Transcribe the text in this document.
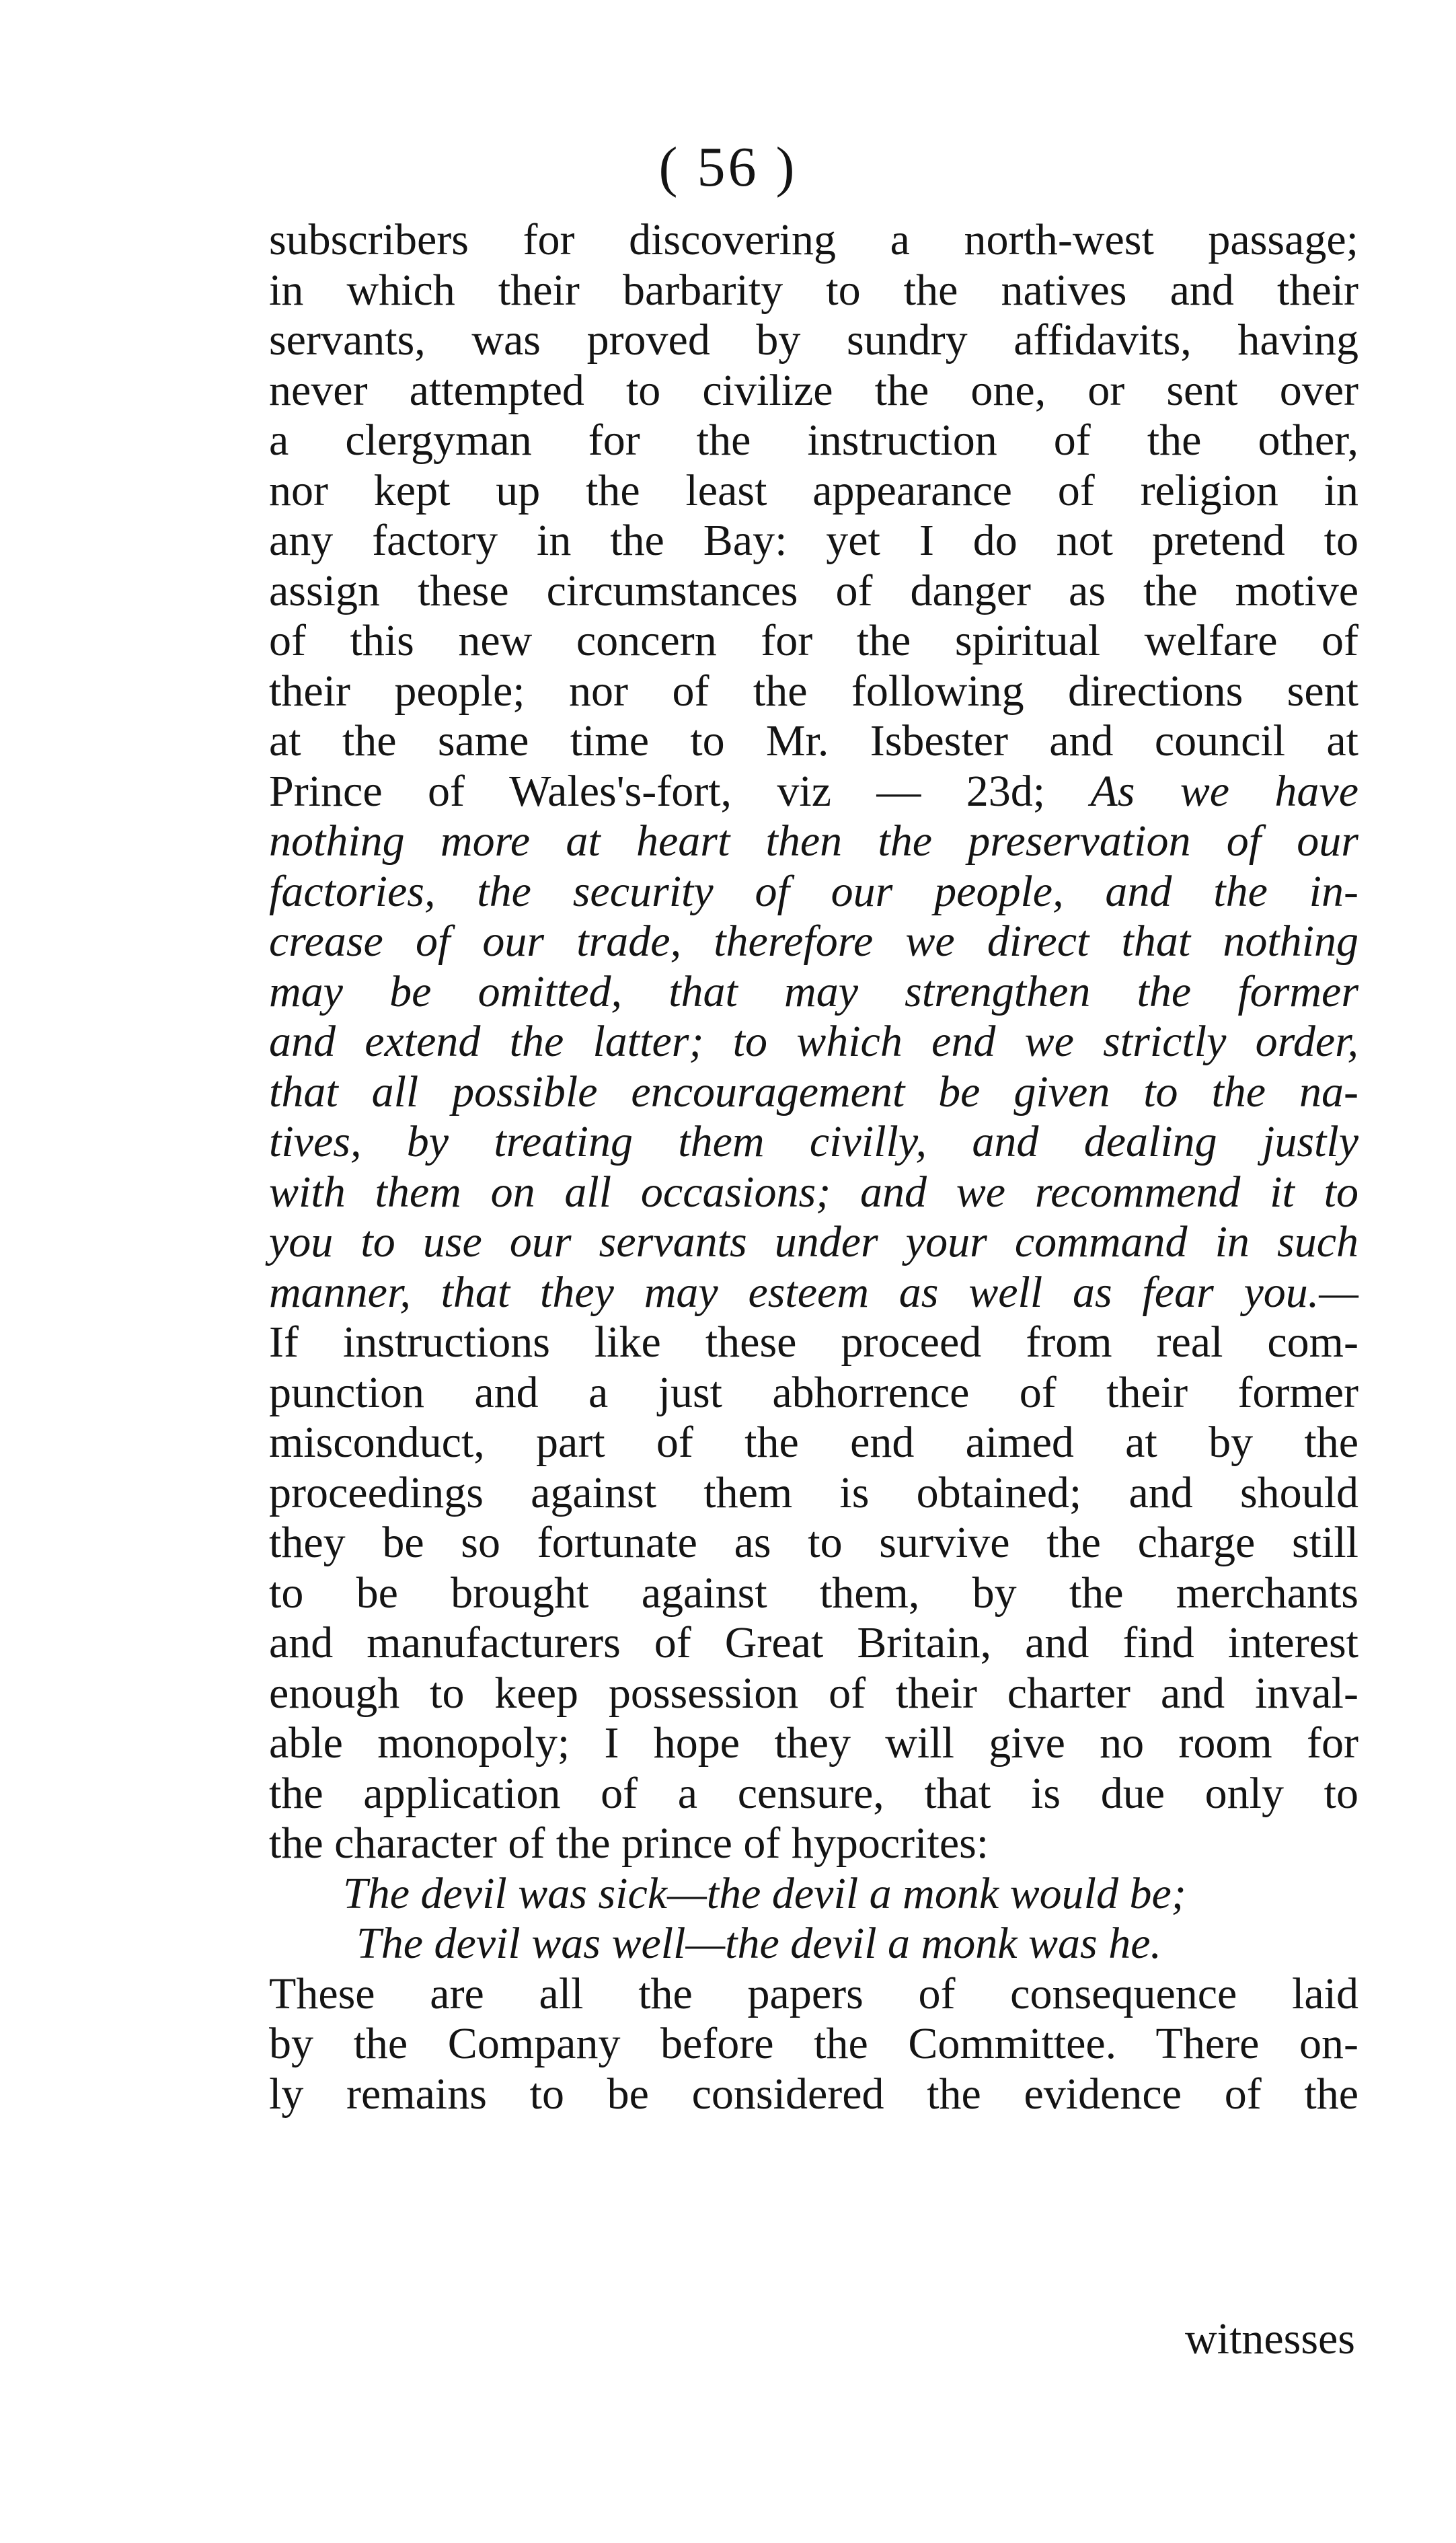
( 56 )
subscribers for discovering a north-west passage;
in which their barbarity to the natives and their
servants, was proved by sundry affidavits, having
never attempted to civilize the one, or sent over
a clergyman for the instruction of the other,
nor kept up the least appearance of religion in
any factory in the Bay: yet I do not pretend to
assign these circumstances of danger as the motive
of this new concern for the spiritual welfare of
their people; nor of the following directions sent
at the same time to Mr. Isbester and council at
Prince of Wales's-fort, viz — 23d; As we have
nothing more at heart then the preservation of our
factories, the security of our people, and the in-
crease of our trade, therefore we direct that nothing
may be omitted, that may strengthen the former
and extend the latter; to which end we strictly order,
that all possible encouragement be given to the na-
tives, by treating them civilly, and dealing justly
with them on all occasions; and we recommend it to
you to use our servants under your command in such
manner, that they may esteem as well as fear you.—
If instructions like these proceed from real com-
punction and a just abhorrence of their former
misconduct, part of the end aimed at by the
proceedings against them is obtained; and should
they be so fortunate as to survive the charge still
to be brought against them, by the merchants
and manufacturers of Great Britain, and find interest
enough to keep possession of their charter and inval-
able monopoly; I hope they will give no room for
the application of a censure, that is due only to
the character of the prince of hypocrites:
The devil was sick—the devil a monk would be;
The devil was well—the devil a monk was he.
These are all the papers of consequence laid
by the Company before the Committee. There on-
ly remains to be considered the evidence of the
witnesses
